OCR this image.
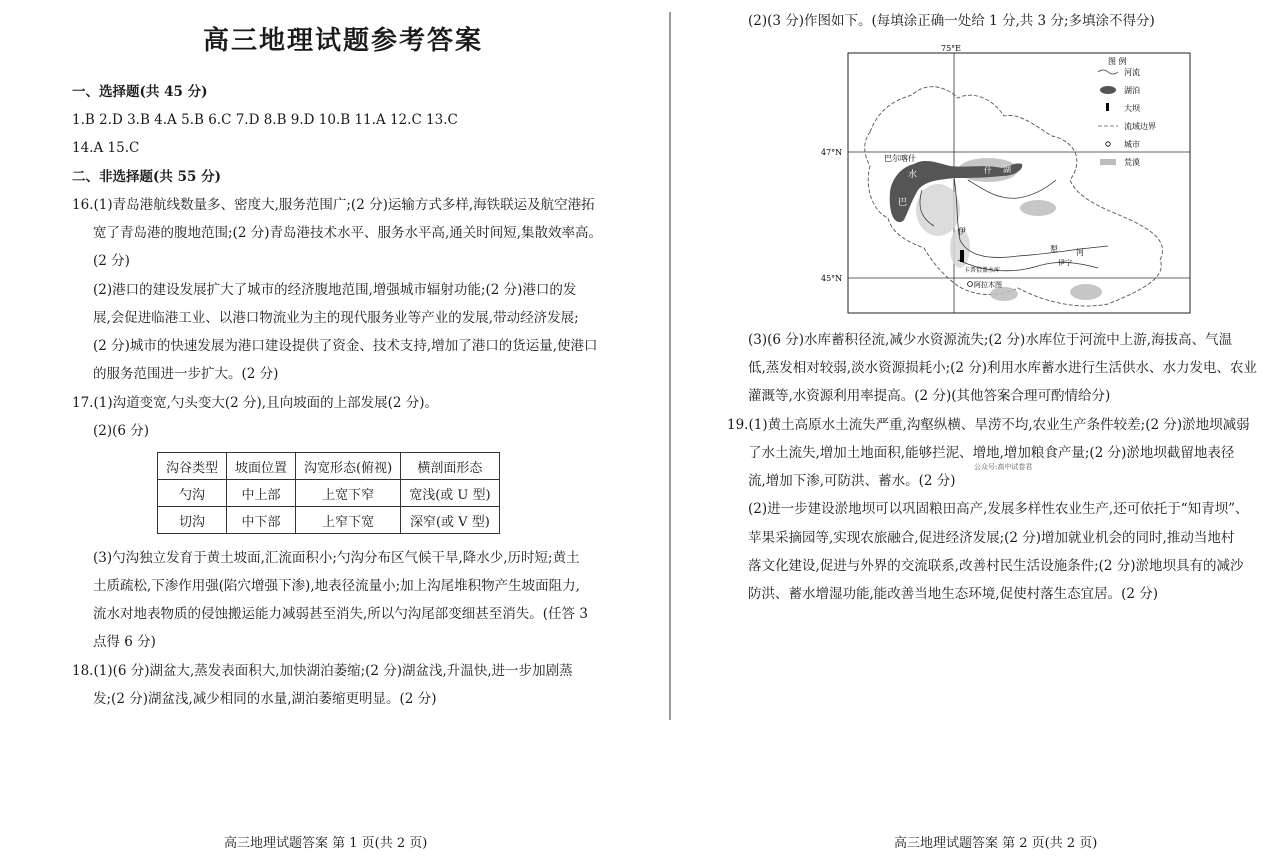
高三地理试题参考答案
一、选择题(共 45 分)
1.B 2.D 3.B 4.A 5.B 6.C 7.D 8.B 9.D 10.B 11.A 12.C 13.C
14.A 15.C
二、非选择题(共 55 分)
16.(1)青岛港航线数量多、密度大,服务范围广;(2 分)运输方式多样,海铁联运及航空港拓
宽了青岛港的腹地范围;(2 分)青岛港技术水平、服务水平高,通关时间短,集散效率高。
(2 分)
(2)港口的建设发展扩大了城市的经济腹地范围,增强城市辐射功能;(2 分)港口的发
展,会促进临港工业、以港口物流业为主的现代服务业等产业的发展,带动经济发展;
(2 分)城市的快速发展为港口建设提供了资金、技术支持,增加了港口的货运量,使港口
的服务范围进一步扩大。(2 分)
17.(1)沟道变宽,勺头变大(2 分),且向坡面的上部发展(2 分)。
(2)(6 分)
沟谷类型	坡面位置	沟宽形态(俯视)	横剖面形态
勺沟	中上部	上宽下窄	宽浅(或 U 型)
切沟	中下部	上窄下宽	深窄(或 V 型)
(3)勺沟独立发育于黄土坡面,汇流面积小;勺沟分布区气候干旱,降水少,历时短;黄土
土质疏松,下渗作用强(陷穴增强下渗),地表径流量小;加上沟尾堆积物产生坡面阻力,
流水对地表物质的侵蚀搬运能力减弱甚至消失,所以勺沟尾部变细甚至消失。(任答 3
点得 6 分)
18.(1)(6 分)湖盆大,蒸发表面积大,加快湖泊萎缩;(2 分)湖盆浅,升温快,进一步加剧蒸
发;(2 分)湖盆浅,减少相同的水量,湖泊萎缩更明显。(2 分)
高三地理试题答案 第 1 页(共 2 页)
(2)(3 分)作图如下。(每填涂正确一处给 1 分,共 3 分;多填涂不得分)
75°E
47°N
45°N
水
巴
湖
什
巴尔喀什
卡普恰盖水库
阿拉木图
伊
犁 河
伊宁
图 例
河流
湖泊
大坝
流域边界
城市
荒漠
(3)(6 分)水库蓄积径流,减少水资源流失;(2 分)水库位于河流中上游,海拔高、气温
低,蒸发相对较弱,淡水资源损耗小;(2 分)利用水库蓄水进行生活供水、水力发电、农业
灌溉等,水资源利用率提高。(2 分)(其他答案合理可酌情给分)
19.(1)黄土高原水土流失严重,沟壑纵横、旱涝不均,农业生产条件较差;(2 分)淤地坝减弱
了水土流失,增加土地面积,能够拦泥、增地,增加粮食产量;(2 分)淤地坝截留地表径
公众号:高中试卷君
流,增加下渗,可防洪、蓄水。(2 分)
(2)进一步建设淤地坝可以巩固粮田高产,发展多样性农业生产,还可依托于“知青坝”、
苹果采摘园等,实现农旅融合,促进经济发展;(2 分)增加就业机会的同时,推动当地村
落文化建设,促进与外界的交流联系,改善村民生活设施条件;(2 分)淤地坝具有的减沙
防洪、蓄水增湿功能,能改善当地生态环境,促使村落生态宜居。(2 分)
高三地理试题答案 第 2 页(共 2 页)
